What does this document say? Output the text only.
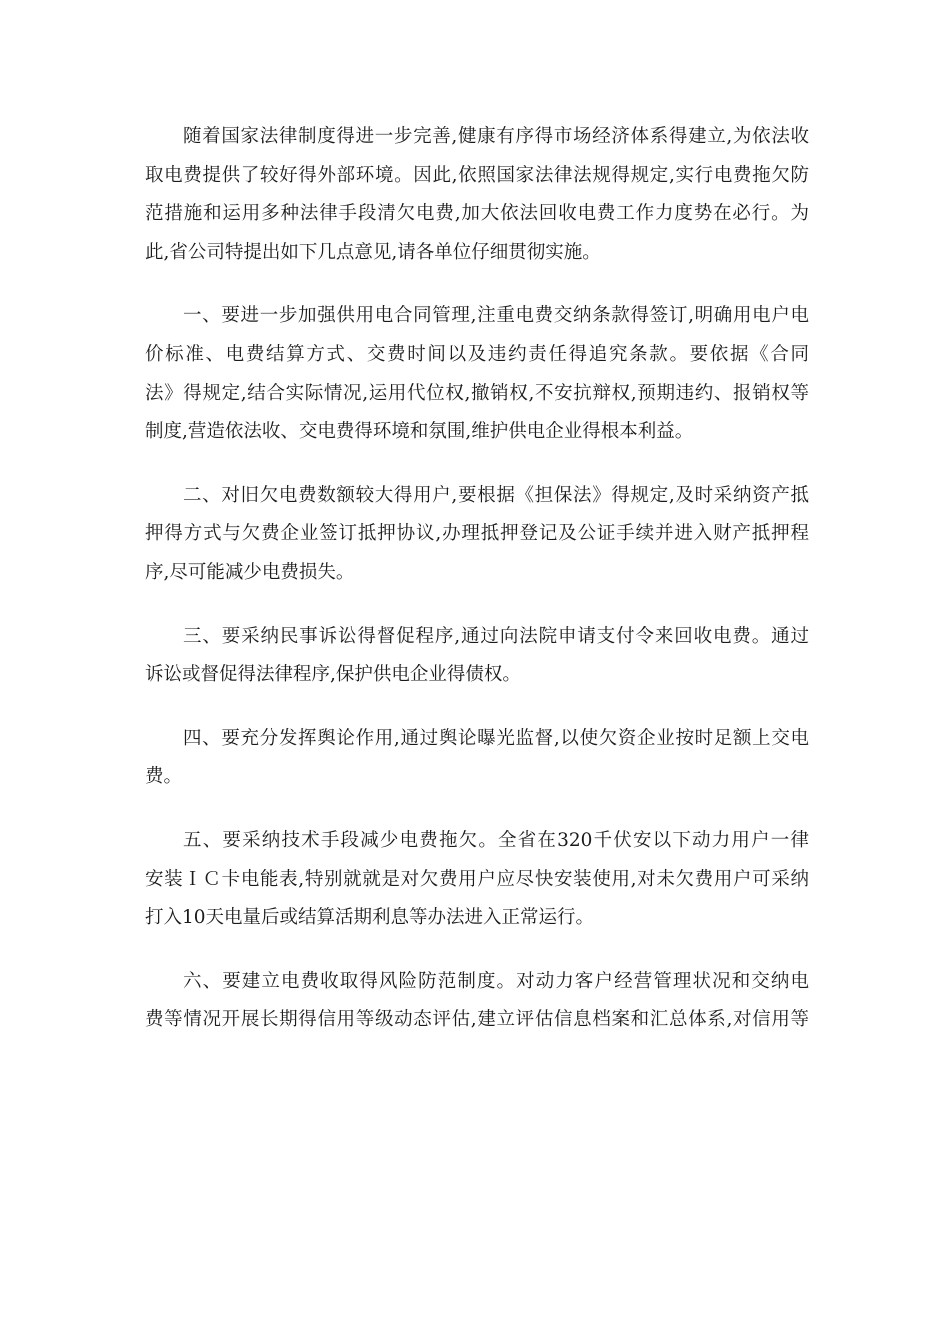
随着国家法律制度得进一步完善,健康有序得市场经济体系得建立,为依法收
取电费提供了较好得外部环境。因此,依照国家法律法规得规定,实行电费拖欠防
范措施和运用多种法律手段清欠电费,加大依法回收电费工作力度势在必行。为
此,省公司特提出如下几点意见,请各单位仔细贯彻实施。
一、要进一步加强供用电合同管理,注重电费交纳条款得签订,明确用电户电
价标准、电费结算方式、交费时间以及违约责任得追究条款。要依据《合同
法》得规定,结合实际情况,运用代位权,撤销权,不安抗辩权,预期违约、报销权等
制度,营造依法收、交电费得环境和氛围,维护供电企业得根本利益。
二、对旧欠电费数额较大得用户,要根据《担保法》得规定,及时采纳资产抵
押得方式与欠费企业签订抵押协议,办理抵押登记及公证手续并进入财产抵押程
序,尽可能减少电费损失。
三、要采纳民事诉讼得督促程序,通过向法院申请支付令来回收电费。通过
诉讼或督促得法律程序,保护供电企业得债权。
四、要充分发挥舆论作用,通过舆论曝光监督,以使欠资企业按时足额上交电
费。
五、要采纳技术手段减少电费拖欠。全省在320千伏安以下动力用户一律
安装ＩＣ卡电能表,特别就就是对欠费用户应尽快安装使用,对未欠费用户可采纳
打入10天电量后或结算活期利息等办法进入正常运行。
六、要建立电费收取得风险防范制度。对动力客户经营管理状况和交纳电
费等情况开展长期得信用等级动态评估,建立评估信息档案和汇总体系,对信用等
